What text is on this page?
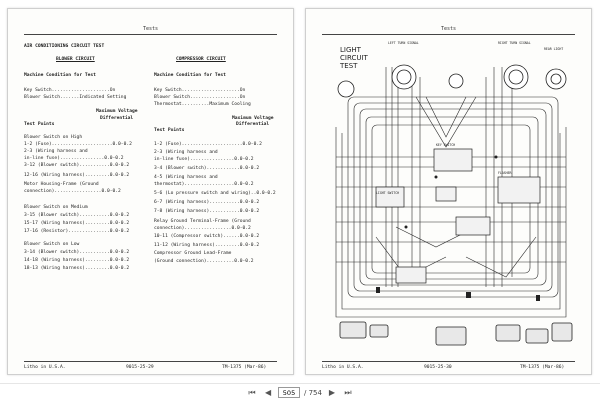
Tests
AIR CONDITIONING CIRCUIT TEST
BLOWER CIRCUIT
Machine Condition for Test
Key Switch.....................On
Blower Switch.......Indicated Setting
Maximum Voltage
Differential
Test Points
Blower Switch on High
1-2 (Fuse)......................0.0-0.2
2-3 (Wiring harness and
in-line fuse)................0.0-0.2
3-12 (Blower switch)...........0.0-0.2
12-16 (Wiring harness).........0.0-0.2
Motor Housing-Frame (Ground
connection).................0.0-0.2
Blower Switch on Medium
3-15 (Blower switch)...........0.0-0.2
15-17 (Wiring harness).........0.0-0.2
17-16 (Resistor)...............0.0-0.2
Blower Switch on Low
3-14 (Blower switch)...........0.0-0.2
14-18 (Wiring harness).........0.0-0.2
18-13 (Wiring harness).........0.0-0.2
COMPRESSOR CIRCUIT
Machine Condition for Test
Key Switch.....................On
Blower Switch..................On
Thermostat..........Maximum Cooling
Maximum Voltage
Differential
Test Points
1-2 (Fuse)......................0.0-0.2
2-3 (Wiring harness and
in-line fuse)................0.0-0.2
3-4 (Blower switch)............0.0-0.2
4-5 (Wiring harness and
thermostat)..................0.0-0.2
5-6 (Lo pressure switch and wiring)..0.0-0.2
6-7 (Wiring harness)...........0.0-0.2
7-8 (Wiring harness)...........0.0-0.2
Relay Ground Terminal-Frame (Ground
connection).................0.0-0.2
10-11 (Compressor switch)......0.0-0.2
11-12 (Wiring harness).........0.0-0.2
Compressor Ground Lead-Frame
(Ground connection)..........0.0-0.2
Litho in U.S.A.	9015-25-29	TM-1375 (Mar-86)
Tests
LIGHT
CIRCUIT
TEST
LEFT TURN SIGNAL	RIGHT TURN SIGNAL
REAR LIGHT
KEY SWITCH
FLASHER
LIGHT SWITCH
Litho in U.S.A.	9015-25-30	TM-1375 (Mar-86)
⏮	◀
505	/ 754 ▶	⏭
